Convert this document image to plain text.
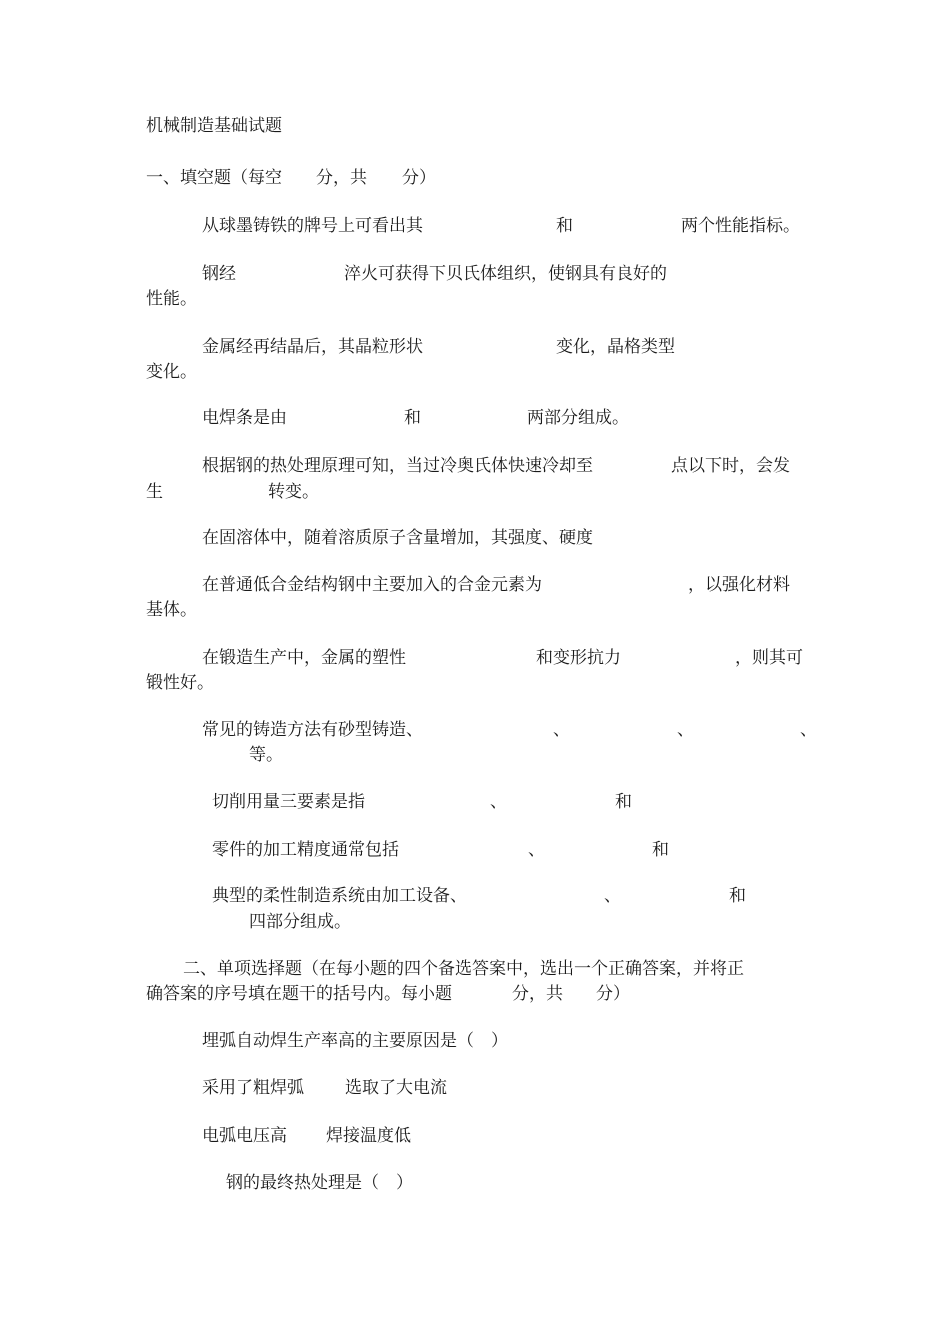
机械制造基础试题
一、填空题（每空 分，共 分）
从球墨铸铁的牌号上可看出其	和	两个性能指标。
钢经	淬火可获得下贝氏体组织，使钢具有良好的
性能。
金属经再结晶后，其晶粒形状	变化，晶格类型
变化。
电焊条是由	和	两部分组成。
根据钢的热处理原理可知，当过冷奥氏体快速冷却至	点以下时，会发
生	转变。
在固溶体中，随着溶质原子含量增加，其强度、硬度
在普通低合金结构钢中主要加入的合金元素为	，以强化材料
基体。
在锻造生产中，金属的塑性	和变形抗力	，则其可
锻性好。
常见的铸造方法有砂型铸造、	、	、	、
等。
切削用量三要素是指	、	和
零件的加工精度通常包括	、	和
典型的柔性制造系统由加工设备、	、	和
四部分组成。
二、单项选择题（在每小题的四个备选答案中，选出一个正确答案，并将正
确答案的序号填在题干的括号内。每小题	分，共 分）
埋弧自动焊生产率高的主要原因是（　）
采用了粗焊弧 选取了大电流
电弧电压高 焊接温度低
钢的最终热处理是（　）
